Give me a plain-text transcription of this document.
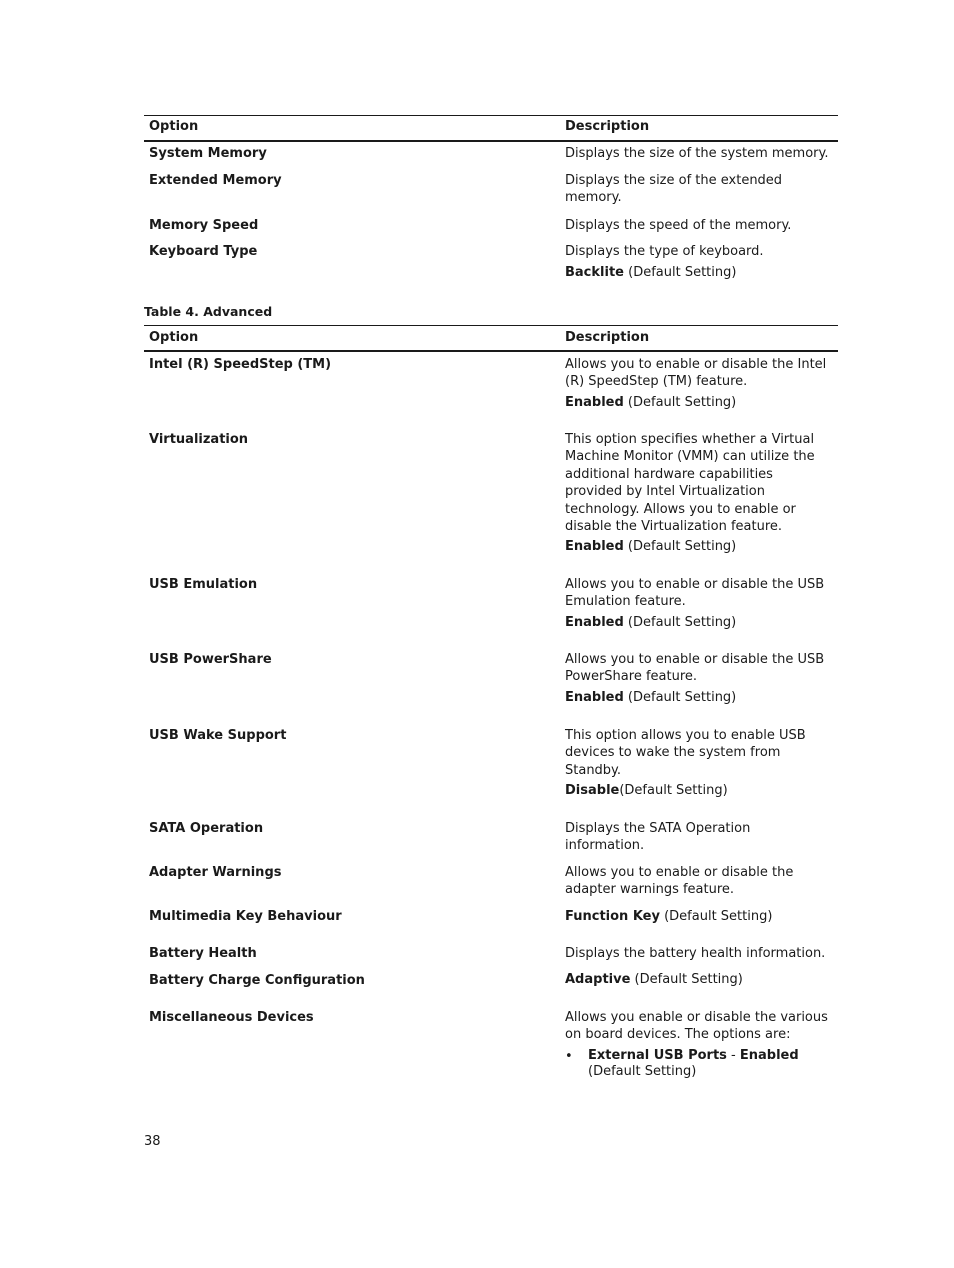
Option	Description
System Memory	Displays the size of the system memory.
Extended Memory	Displays the size of the extended
memory.
Memory Speed	Displays the speed of the memory.
Keyboard Type	Displays the type of keyboard.
Backlite (Default Setting)
Table 4. Advanced
Option	Description
Intel (R) SpeedStep (TM)	Allows you to enable or disable the Intel
(R) SpeedStep (TM) feature.
Enabled (Default Setting)
Virtualization	This option specifies whether a Virtual
Machine Monitor (VMM) can utilize the
additional hardware capabilities
provided by Intel Virtualization
technology. Allows you to enable or
disable the Virtualization feature.
Enabled (Default Setting)
USB Emulation	Allows you to enable or disable the USB
Emulation feature.
Enabled (Default Setting)
USB PowerShare	Allows you to enable or disable the USB
PowerShare feature.
Enabled (Default Setting)
USB Wake Support	This option allows you to enable USB
devices to wake the system from
Standby.
Disable(Default Setting)
SATA Operation	Displays the SATA Operation
information.
Adapter Warnings	Allows you to enable or disable the
adapter warnings feature.
Multimedia Key Behaviour	Function Key (Default Setting)
Battery Health	Displays the battery health information.
Battery Charge Configuration	Adaptive (Default Setting)
Miscellaneous Devices	Allows you enable or disable the various
on board devices. The options are:
• External USB Ports - Enabled
(Default Setting)
38
